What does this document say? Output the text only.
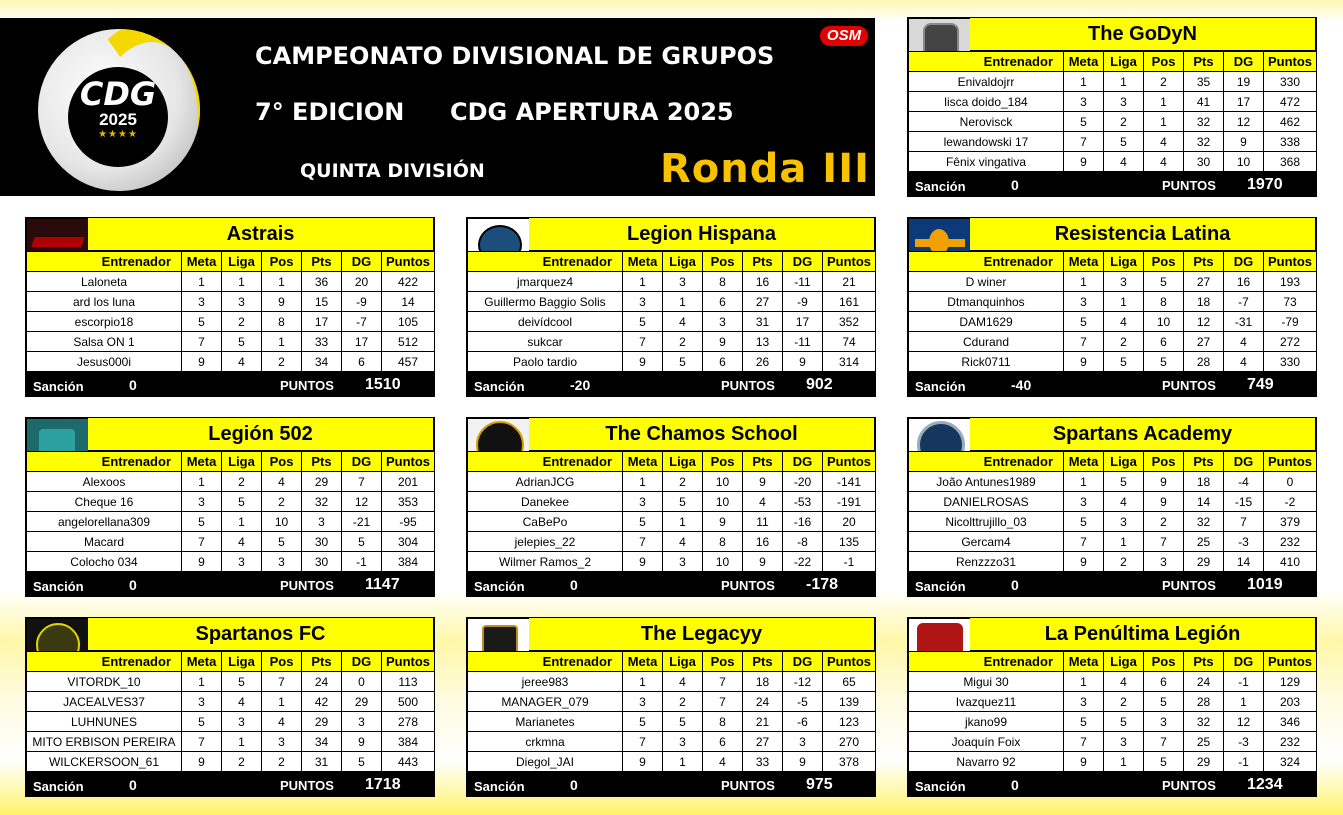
CDG
2025
★★★★
CAMPEONATO DIVISIONAL DE GRUPOS
7° EDICION CDG APERTURA 2025
QUINTA DIVISIÓN	Ronda III
OSM	The GoDyN
Entrenador	Meta	Liga	Pos	Pts	DG	Puntos
Enivaldojrr	1	1	2	35	19	330
lisca doido_184	3	3	1	41	17	472
Nerovisck	5	2	1	32	12	462
lewandowski 17	7	5	4	32	9	338
Fênix vingativa	9	4	4	30	10	368
Sanción	0	PUNTOS 1970
Astrais
Entrenador	Meta	Liga	Pos	Pts	DG	Puntos
Laloneta	1	1	1	36	20	422
ard los luna	3	3	9	15	-9	14
escorpio18	5	2	8	17	-7	105
Salsa ON 1	7	5	1	33	17	512
Jesus000i	9	4	2	34	6	457
Sanción	0	PUNTOS 1510
Legion Hispana
Entrenador	Meta	Liga	Pos	Pts	DG	Puntos
jmarquez4	1	3	8	16	-11	21
Guillermo Baggio Solis	3	1	6	27	-9	161
deivídcool	5	4	3	31	17	352
sukcar	7	2	9	13	-11	74
Paolo tardio	9	5	6	26	9	314
Sanción	-20	PUNTOS 902
Resistencia Latina
Entrenador	Meta	Liga	Pos	Pts	DG	Puntos
D winer	1	3	5	27	16	193
Dtmanquinhos	3	1	8	18	-7	73
DAM1629	5	4	10	12	-31	-79
Cdurand	7	2	6	27	4	272
Rick0711	9	5	5	28	4	330
Sanción	-40	PUNTOS 749
Legión 502
Entrenador	Meta	Liga	Pos	Pts	DG	Puntos
Alexoos	1	2	4	29	7	201
Cheque 16	3	5	2	32	12	353
angelorellana309	5	1	10	3	-21	-95
Macard	7	4	5	30	5	304
Colocho 034	9	3	3	30	-1	384
Sanción	0	PUNTOS 1147
The Chamos School
Entrenador	Meta	Liga	Pos	Pts	DG	Puntos
AdrianJCG	1	2	10	9	-20	-141
Danekee	3	5	10	4	-53	-191
CaBePo	5	1	9	11	-16	20
jelepies_22	7	4	8	16	-8	135
Wilmer Ramos_2	9	3	10	9	-22	-1
Sanción	0	PUNTOS -178
Spartans Academy
Entrenador	Meta	Liga	Pos	Pts	DG	Puntos
João Antunes1989	1	5	9	18	-4	0
DANIELROSAS	3	4	9	14	-15	-2
Nicolttrujillo_03	5	3	2	32	7	379
Gercam4	7	1	7	25	-3	232
Renzzzo31	9	2	3	29	14	410
Sanción	0	PUNTOS 1019
Spartanos FC
Entrenador	Meta	Liga	Pos	Pts	DG	Puntos
VITORDK_10	1	5	7	24	0	113
JACEALVES37	3	4	1	42	29	500
LUHNUNES	5	3	4	29	3	278
MITO ERBISON PEREIRA	7	1	3	34	9	384
WILCKERSOON_61	9	2	2	31	5	443
Sanción	0	PUNTOS 1718
The Legacyy
Entrenador	Meta	Liga	Pos	Pts	DG	Puntos
jeree983	1	4	7	18	-12	65
MANAGER_079	3	2	7	24	-5	139
Marianetes	5	5	8	21	-6	123
crkmna	7	3	6	27	3	270
Diegol_JAI	9	1	4	33	9	378
Sanción	0	PUNTOS 975
La Penúltima Legión
Entrenador	Meta	Liga	Pos	Pts	DG	Puntos
Migui 30	1	4	6	24	-1	129
Ivazquez11	3	2	5	28	1	203
jkano99	5	5	3	32	12	346
Joaquín Foix	7	3	7	25	-3	232
Navarro 92	9	1	5	29	-1	324
Sanción	0	PUNTOS 1234
